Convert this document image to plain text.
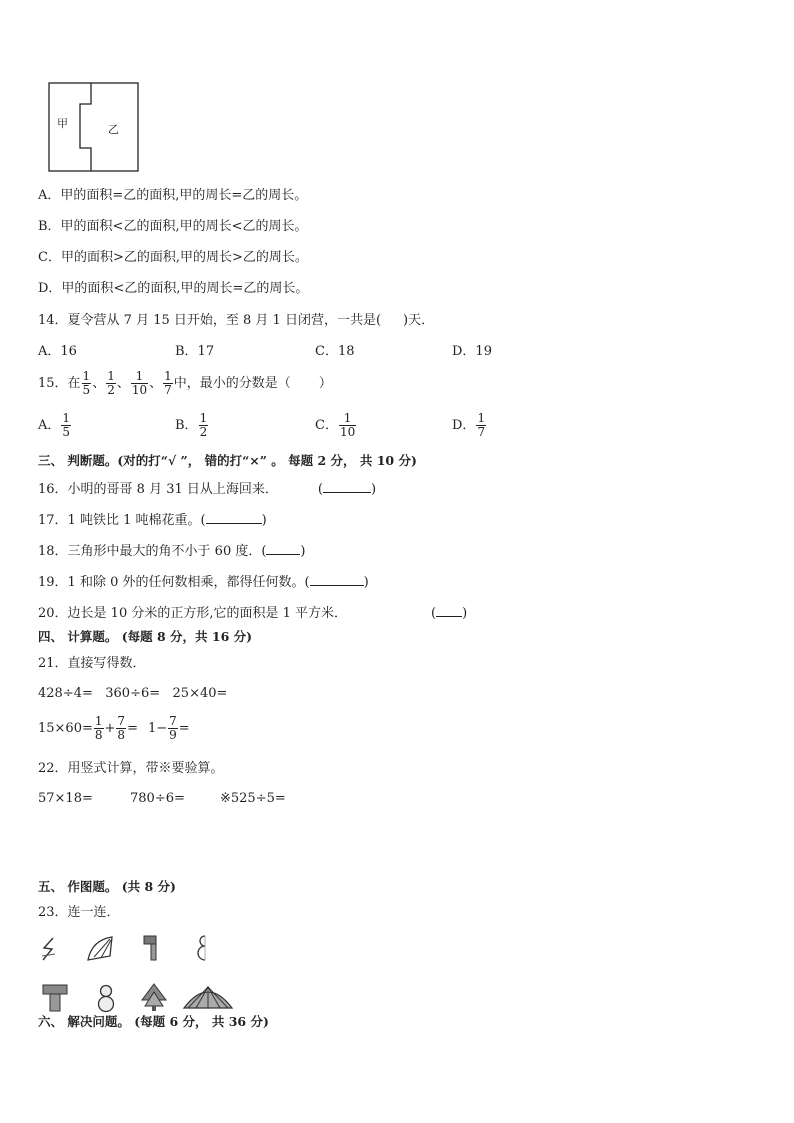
甲	乙
A．甲的面积=乙的面积,甲的周长=乙的周长。
B．甲的面积<乙的面积,甲的周长<乙的周长。
C．甲的面积>乙的面积,甲的周长>乙的周长。
D．甲的面积<乙的面积,甲的周长=乙的周长。
14．夏令营从 7 月 15 日开始，至 8 月 1 日闭营，一共是( )天．
A．16	B．17	C．18	D．19
15．在 $\frac{1}{5}$ 、 $\frac{1}{2}$ 、 $\frac{1}{10}$ 、 $\frac{1}{7}$ 中，最小的分数是（ ）
A． $\frac{1}{5}$	B． $\frac{1}{2}$	C． $\frac{1}{10}$	D． $\frac{1}{7}$
三、 判断题。(对的打“√ ”， 错的打“×” 。 每题 2 分， 共 10 分)
16．小明的哥哥 8 月 31 日从上海回来．	(	)
17．1 吨铁比 1 吨棉花重。(	)
18．三角形中最大的角不小于 60 度．(	)
19．1 和除 0 外的任何数相乘，都得任何数。(	)
20．边长是 10 分米的正方形,它的面积是 1 平方米．	( )
四、 计算题。 (每题 8 分，共 16 分)
21．直接写得数．
428÷4=   360÷6=   25×40=
$15\times 60= \frac{1}{8} + \frac{7}{8} = 1- \frac{7}{9}$ =
22．用竖式计算，带※要验算。
57×18=	780÷6=	※525÷5=
五、 作图题。 (共 8 分)
23．连一连．
六、 解决问题。 (每题 6 分， 共 36 分)
